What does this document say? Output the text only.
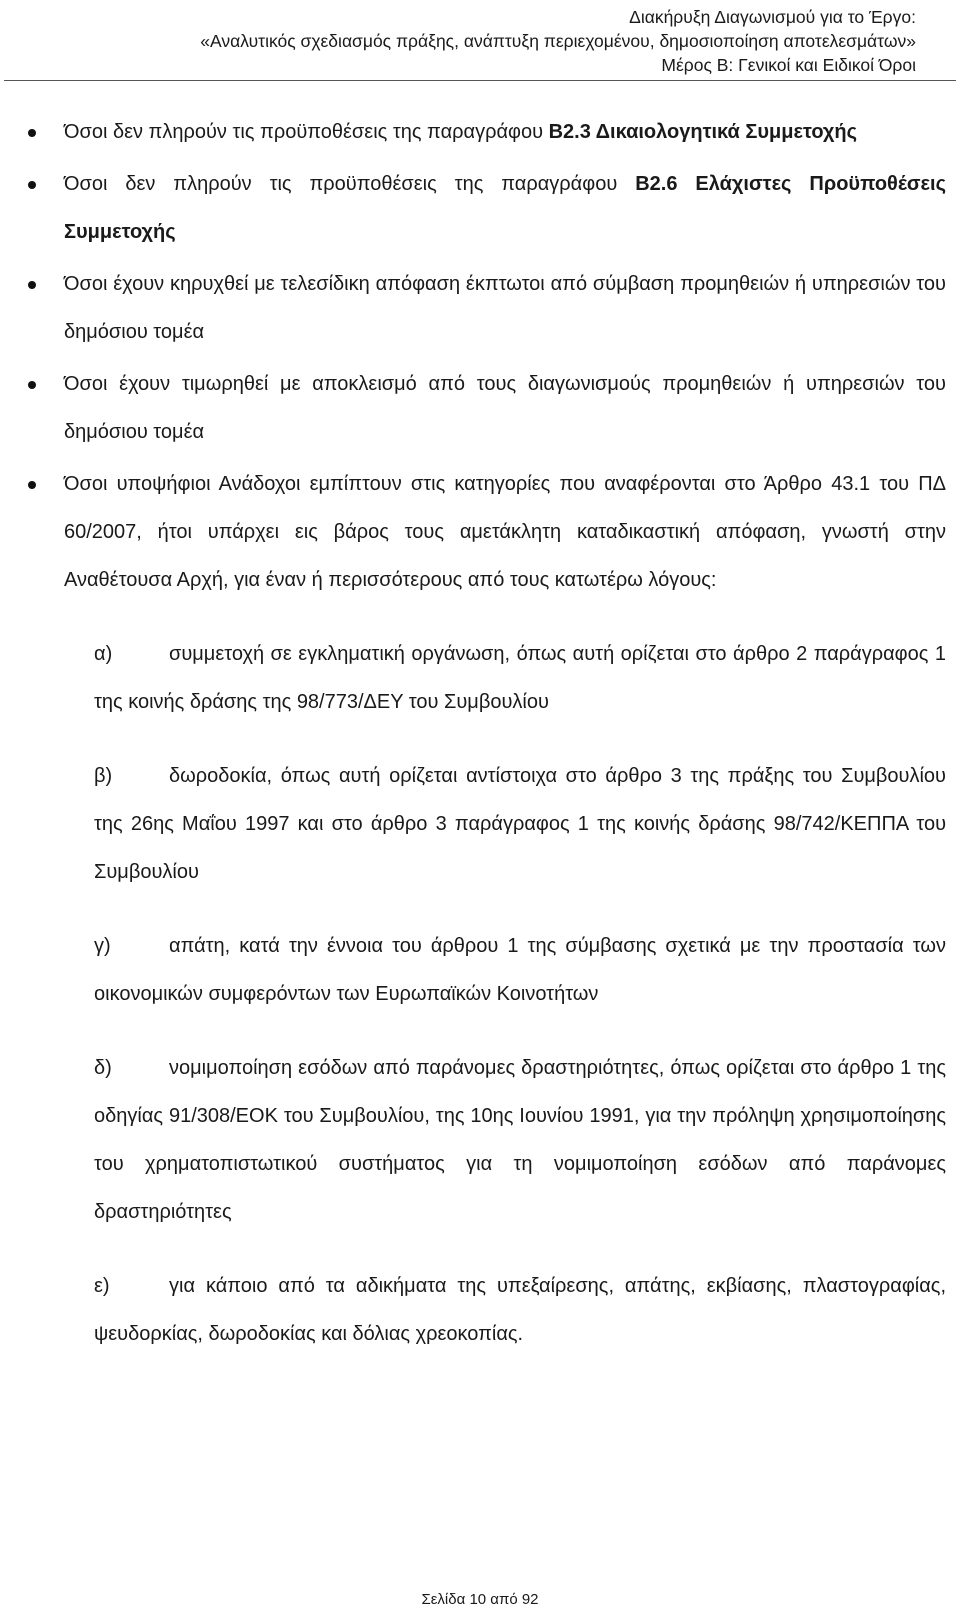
Διακήρυξη Διαγωνισμού για το Έργο:
«Αναλυτικός σχεδιασμός πράξης, ανάπτυξη περιεχομένου, δημοσιοποίηση αποτελεσμάτων»
Μέρος Β: Γενικοί και Ειδικοί Όροι
Όσοι δεν πληρούν τις προϋποθέσεις της παραγράφου Β2.3 Δικαιολογητικά Συμμετοχής
Όσοι δεν πληρούν τις προϋποθέσεις της παραγράφου Β2.6 Ελάχιστες Προϋποθέσεις Συμμετοχής
Όσοι έχουν κηρυχθεί με τελεσίδικη απόφαση έκπτωτοι από σύμβαση προμηθειών ή υπηρεσιών του δημόσιου τομέα
Όσοι έχουν τιμωρηθεί με αποκλεισμό από τους διαγωνισμούς προμηθειών ή υπηρεσιών του δημόσιου τομέα
Όσοι υποψήφιοι Ανάδοχοι εμπίπτουν στις κατηγορίες που αναφέρονται στο Άρθρο 43.1 του ΠΔ 60/2007, ήτοι υπάρχει εις βάρος τους αμετάκλητη καταδικαστική απόφαση, γνωστή στην Αναθέτουσα Αρχή, για έναν ή περισσότερους από τους κατωτέρω λόγους:
α)	συμμετοχή σε εγκληματική οργάνωση, όπως αυτή ορίζεται στο άρθρο 2 παράγραφος 1 της κοινής δράσης της 98/773/ΔΕΥ του Συμβουλίου
β)	δωροδοκία, όπως αυτή ορίζεται αντίστοιχα στο άρθρο 3 της πράξης του Συμβουλίου της 26ης Μαΐου 1997 και στο άρθρο 3 παράγραφος 1 της κοινής δράσης 98/742/ΚΕΠΠΑ του Συμβουλίου
γ)	απάτη, κατά την έννοια του άρθρου 1 της σύμβασης σχετικά με την προστασία των οικονομικών συμφερόντων των Ευρωπαϊκών Κοινοτήτων
δ)	νομιμοποίηση εσόδων από παράνομες δραστηριότητες, όπως ορίζεται στο άρθρο 1 της οδηγίας 91/308/ΕΟΚ του Συμβουλίου, της 10ης Ιουνίου 1991, για την πρόληψη χρησιμοποίησης του χρηματοπιστωτικού συστήματος για τη νομιμοποίηση εσόδων από παράνομες δραστηριότητες
ε)	για κάποιο από τα αδικήματα της υπεξαίρεσης, απάτης, εκβίασης, πλαστογραφίας, ψευδορκίας, δωροδοκίας και δόλιας χρεοκοπίας.
Σελίδα 10 από 92
